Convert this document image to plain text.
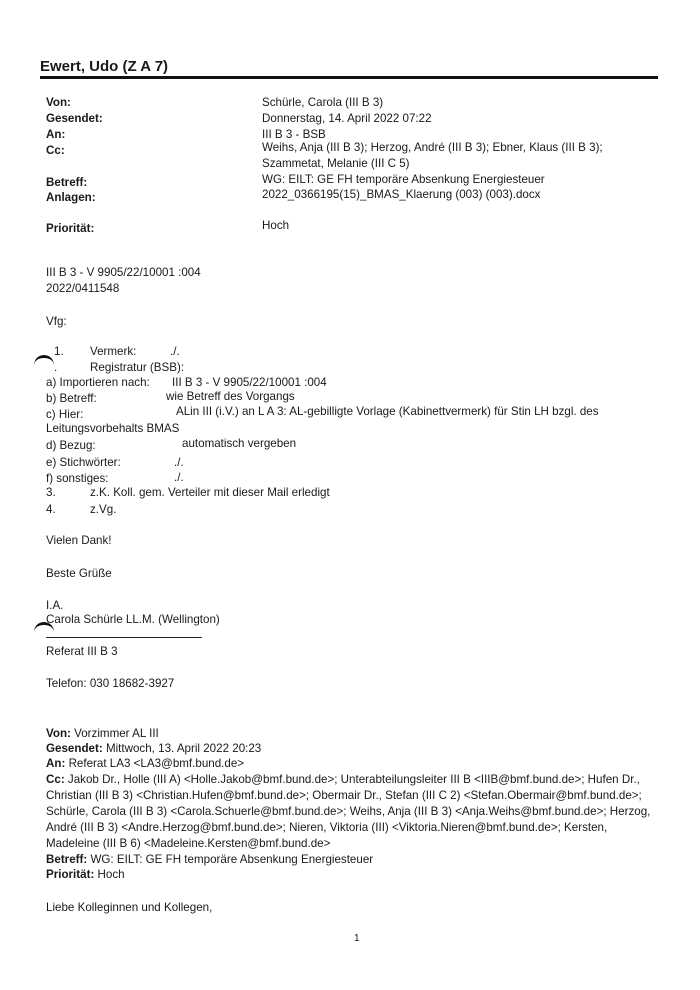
Ewert, Udo (Z A 7)
Von:	Schürle, Carola (III B 3)
Gesendet:	Donnerstag, 14. April 2022 07:22
An:	III B 3 - BSB
Cc:	Weihs, Anja (III B 3); Herzog, André (III B 3); Ebner, Klaus (III B 3);
Szammetat, Melanie (III C 5)
Betreff:	WG: EILT: GE FH temporäre Absenkung Energiesteuer
Anlagen:	2022_0366195(15)_BMAS_Klaerung (003) (003).docx
Priorität:	Hoch
III B 3 - V 9905/22/10001 :004
2022/0411548
Vfg:
1. Vermerk:	./.
.	Registratur (BSB):
a) Importieren nach: III B 3 - V 9905/22/10001 :004
b) Betreff:	wie Betreff des Vorgangs
c) Hier:	ALin III (i.V.) an L A 3: AL-gebilligte Vorlage (Kabinettvermerk) für Stin LH bzgl. des
Leitungsvorbehalts BMAS
d) Bezug:	automatisch vergeben
e) Stichwörter:	./.
f) sonstiges:	./.
3.	z.K. Koll. gem. Verteiler mit dieser Mail erledigt
4.	z.Vg.
Vielen Dank!
Beste Grüße
I.A.
Carola Schürle LL.M. (Wellington)
Referat III B 3
Telefon: 030 18682-3927
Von: Vorzimmer AL III
Gesendet: Mittwoch, 13. April 2022 20:23
An: Referat LA3 <LA3@bmf.bund.de>
Cc: Jakob Dr., Holle (III A) <Holle.Jakob@bmf.bund.de>; Unterabteilungsleiter III B <IIIB@bmf.bund.de>; Hufen Dr.,
Christian (III B 3) <Christian.Hufen@bmf.bund.de>; Obermair Dr., Stefan (III C 2) <Stefan.Obermair@bmf.bund.de>;
Schürle, Carola (III B 3) <Carola.Schuerle@bmf.bund.de>; Weihs, Anja (III B 3) <Anja.Weihs@bmf.bund.de>; Herzog,
André (III B 3) <Andre.Herzog@bmf.bund.de>; Nieren, Viktoria (III) <Viktoria.Nieren@bmf.bund.de>; Kersten,
Madeleine (III B 6) <Madeleine.Kersten@bmf.bund.de>
Betreff: WG: EILT: GE FH temporäre Absenkung Energiesteuer
Priorität: Hoch
Liebe Kolleginnen und Kollegen,
1
